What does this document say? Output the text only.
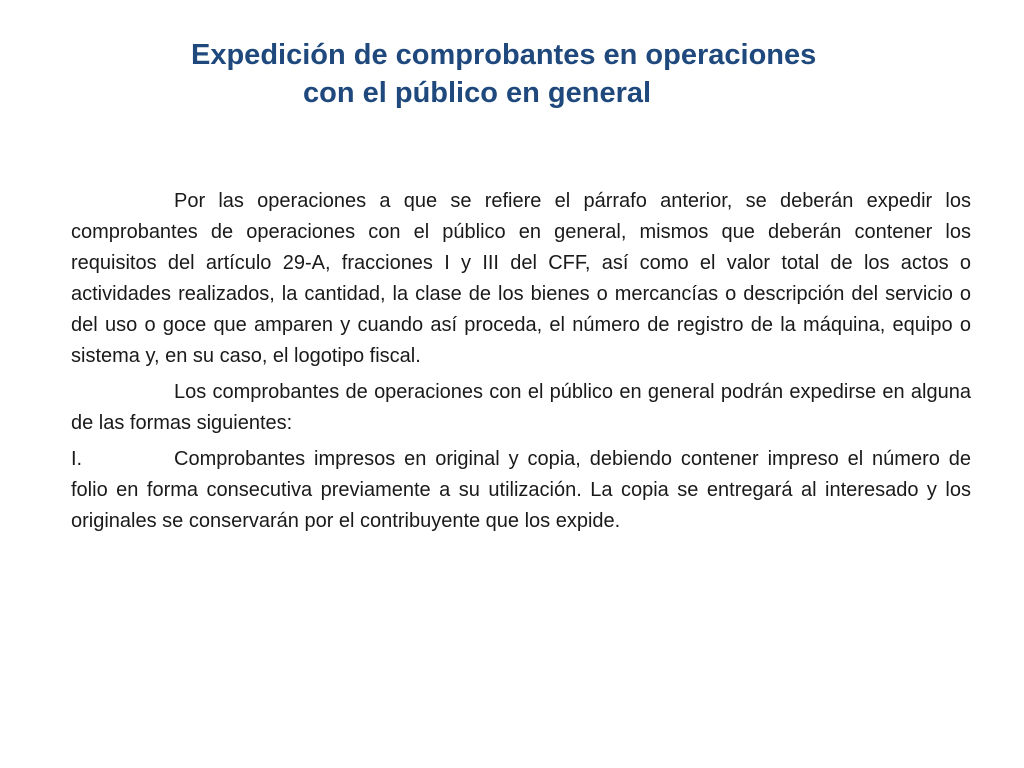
Expedición de comprobantes en operaciones
con el público en general

Por las operaciones a que se refiere el párrafo anterior, se deberán expedir los comprobantes de operaciones con el público en general, mismos que deberán contener los requisitos del artículo 29-A, fracciones I y III del CFF, así como el valor total de los actos o actividades realizados, la cantidad, la clase de los bienes o mercancías o descripción del servicio o del uso o goce que amparen y cuando así proceda, el número de registro de la máquina, equipo o sistema y, en su caso, el logotipo fiscal.

Los comprobantes de operaciones con el público en general podrán expedirse en alguna de las formas siguientes:

I.	Comprobantes impresos en original y copia, debiendo contener impreso el número de folio en forma consecutiva previamente a su utilización. La copia se entregará al interesado y los originales se conservarán por el contribuyente que los expide.
